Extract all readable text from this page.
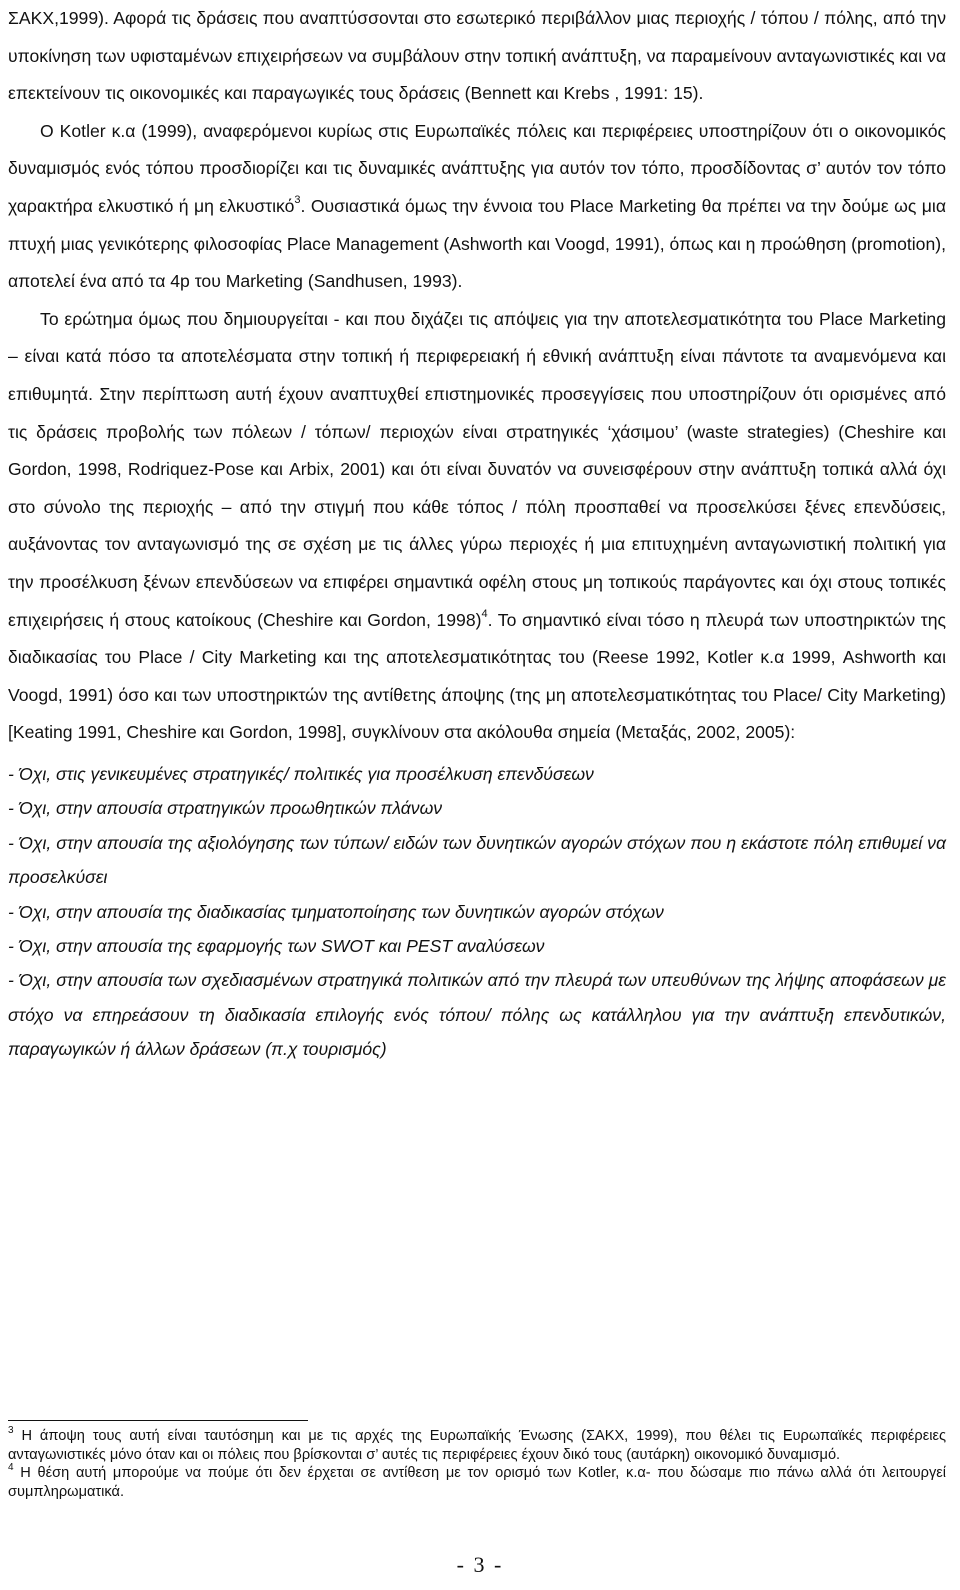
ΣΑΚΧ,1999). Αφορά τις δράσεις που αναπτύσσονται στο εσωτερικό περιβάλλον μιας περιοχής / τόπου / πόλης, από την υποκίνηση των υφισταμένων επιχειρήσεων να συμβάλουν στην τοπική ανάπτυξη, να παραμείνουν ανταγωνιστικές και να επεκτείνουν τις οικονομικές και παραγωγικές τους δράσεις (Bennett και Krebs , 1991: 15).

Ο Kotler κ.α (1999), αναφερόμενοι κυρίως στις Ευρωπαϊκές πόλεις και περιφέρειες υποστηρίζουν ότι ο οικονομικός δυναμισμός ενός τόπου προσδιορίζει και τις δυναμικές ανάπτυξης για αυτόν τον τόπο, προσδίδοντας σ’ αυτόν τον τόπο χαρακτήρα ελκυστικό ή μη ελκυστικό$^3$. Ουσιαστικά όμως την έννοια του Place Marketing θα πρέπει να την δούμε ως μια πτυχή μιας γενικότερης φιλοσοφίας Place Management (Ashworth και Voogd, 1991), όπως και η προώθηση (promotion), αποτελεί ένα από τα 4p του Marketing (Sandhusen, 1993).

Το ερώτημα όμως που δημιουργείται - και που διχάζει τις απόψεις για την αποτελεσματικότητα του Place Marketing – είναι κατά πόσο τα αποτελέσματα στην τοπική ή περιφερειακή ή εθνική ανάπτυξη είναι πάντοτε τα αναμενόμενα και επιθυμητά. Στην περίπτωση αυτή έχουν αναπτυχθεί επιστημονικές προσεγγίσεις που υποστηρίζουν ότι ορισμένες από τις δράσεις προβολής των πόλεων / τόπων/ περιοχών είναι στρατηγικές ‘χάσιμου’ (waste strategies) (Cheshire και Gordon, 1998, Rodriquez-Pose και Arbix, 2001) και ότι είναι δυνατόν να συνεισφέρουν στην ανάπτυξη τοπικά αλλά όχι στο σύνολο της περιοχής – από την στιγμή που κάθε τόπος / πόλη προσπαθεί να προσελκύσει ξένες επενδύσεις, αυξάνοντας τον ανταγωνισμό της σε σχέση με τις άλλες γύρω περιοχές ή μια επιτυχημένη ανταγωνιστική πολιτική για την προσέλκυση ξένων επενδύσεων να επιφέρει σημαντικά οφέλη στους μη τοπικούς παράγοντες και όχι στους τοπικές επιχειρήσεις ή στους κατοίκους (Cheshire και Gordon, 1998)$^4$. Το σημαντικό είναι τόσο η πλευρά των υποστηρικτών της διαδικασίας του Place / City Marketing και της αποτελεσματικότητας του (Reese 1992, Kotler κ.α 1999, Ashworth και Voogd, 1991) όσο και των υποστηρικτών της αντίθετης άποψης (της μη αποτελεσματικότητας του Place/ City Marketing) [Keating 1991, Cheshire και Gordon, 1998], συγκλίνουν στα ακόλουθα σημεία (Μεταξάς, 2002, 2005):

- Όχι, στις γενικευμένες στρατηγικές/ πολιτικές για προσέλκυση επενδύσεων

- Όχι, στην απουσία στρατηγικών προωθητικών πλάνων

- Όχι, στην απουσία της αξιολόγησης των τύπων/ ειδών των δυνητικών αγορών στόχων που η εκάστοτε πόλη επιθυμεί να προσελκύσει

- Όχι, στην απουσία της διαδικασίας τμηματοποίησης των δυνητικών αγορών στόχων

- Όχι, στην απουσία της εφαρμογής των SWOT και PEST αναλύσεων

- Όχι, στην απουσία των σχεδιασμένων στρατηγικά πολιτικών από την πλευρά των υπευθύνων της λήψης αποφάσεων με στόχο να επηρεάσουν τη διαδικασία επιλογής ενός τόπου/ πόλης ως κατάλληλου για την ανάπτυξη επενδυτικών, παραγωγικών ή άλλων δράσεων (π.χ τουρισμός)

$^3$ Η άποψη τους αυτή είναι ταυτόσημη και με τις αρχές της Ευρωπαϊκής Ένωσης (ΣΑΚΧ, 1999), που θέλει τις Ευρωπαϊκές περιφέρειες ανταγωνιστικές μόνο όταν και οι πόλεις που βρίσκονται σ’ αυτές τις περιφέρειες έχουν δικό τους (αυτάρκη) οικονομικό δυναμισμό.

$^4$ Η θέση αυτή μπορούμε να πούμε ότι δεν έρχεται σε αντίθεση με τον ορισμό των Kotler, κ.α- που δώσαμε πιο πάνω αλλά ότι λειτουργεί συμπληρωματικά.

- 3 -
